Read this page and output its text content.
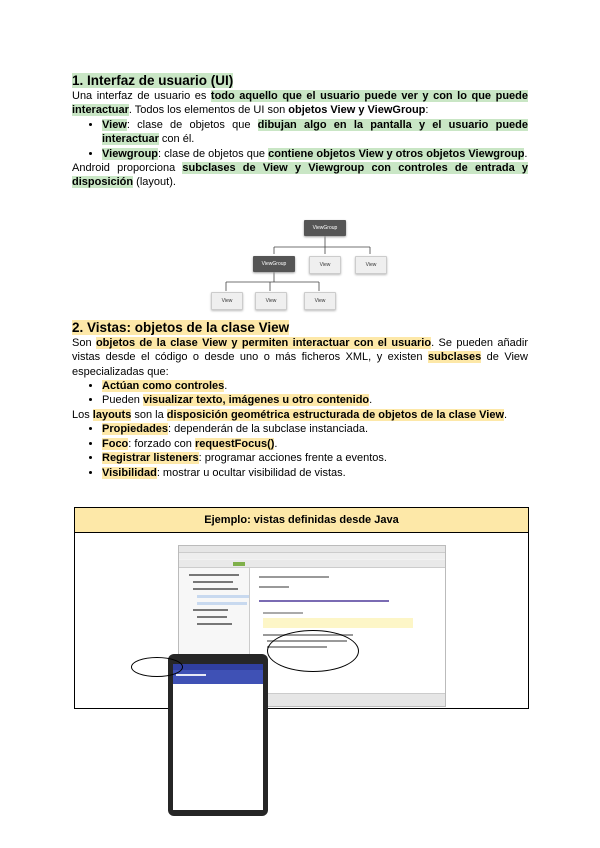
1. Interfaz de usuario (UI)

Una interfaz de usuario es todo aquello que el usuario puede ver y con lo que puede interactuar. Todos los elementos de UI son objetos View y ViewGroup:

• View: clase de objetos que dibujan algo en la pantalla y el usuario puede interactuar con él.
• Viewgroup: clase de objetos que contiene objetos View y otros objetos Viewgroup.

Android proporciona subclases de View y Viewgroup con controles de entrada y disposición (layout).

2. Vistas: objetos de la clase View

Son objetos de la clase View y permiten interactuar con el usuario. Se pueden añadir vistas desde el código o desde uno o más ficheros XML, y existen subclases de View especializadas que:

• Actúan como controles.
• Pueden visualizar texto, imágenes u otro contenido.

Los layouts son la disposición geométrica estructurada de objetos de la clase View.

• Propiedades: dependerán de la subclase instanciada.
• Foco: forzado con requestFocus().
• Registrar listeners: programar acciones frente a eventos.
• Visibilidad: mostrar u ocultar visibilidad de vistas.
ViewGroup
ViewGroup	View	View
View	View	View
Ejemplo: vistas definidas desde Java
